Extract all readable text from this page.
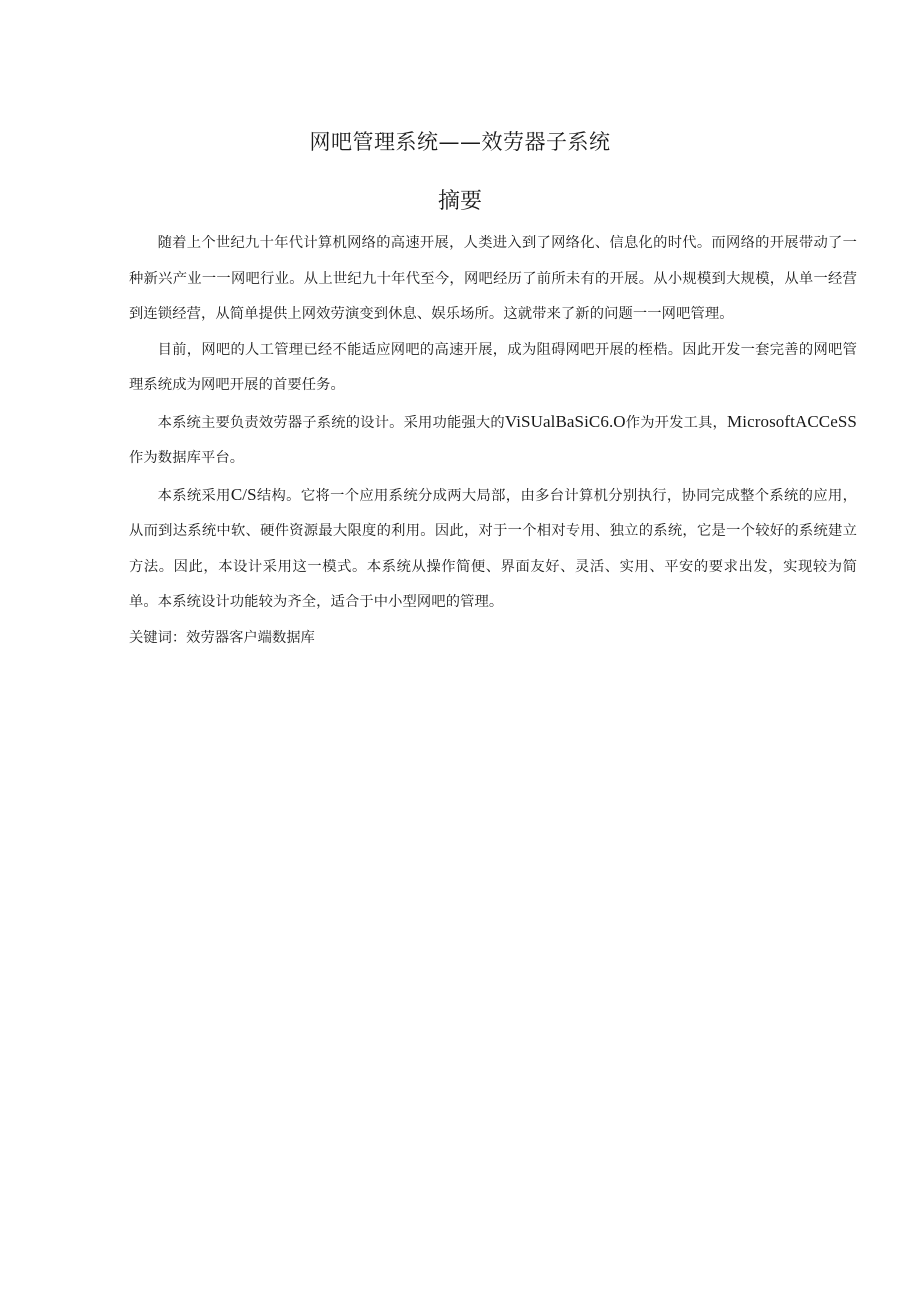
网吧管理系统——效劳器子系统
摘要

随着上个世纪九十年代计算机网络的高速开展，人类进入到了网络化、信息化的时代。而网络的开展带动了一种新兴产业一一网吧行业。从上世纪九十年代至今，网吧经历了前所未有的开展。从小规模到大规模，从单一经营到连锁经营，从简单提供上网效劳演变到休息、娱乐场所。这就带来了新的问题一一网吧管理。

目前，网吧的人工管理已经不能适应网吧的高速开展，成为阻碍网吧开展的桎梏。因此开发一套完善的网吧管理系统成为网吧开展的首要任务。

本系统主要负责效劳器子系统的设计。采用功能强大的ViSUalBaSiC6.O作为开发工具，MicrosoftACCeSS作为数据库平台。

本系统采用C/S结构。它将一个应用系统分成两大局部，由多台计算机分别执行，协同完成整个系统的应用，从而到达系统中软、硬件资源最大限度的利用。因此，对于一个相对专用、独立的系统，它是一个较好的系统建立方法。因此，本设计采用这一模式。本系统从操作简便、界面友好、灵活、实用、平安的要求出发，实现较为简单。本系统设计功能较为齐全，适合于中小型网吧的管理。

关键词：效劳器客户端数据库
